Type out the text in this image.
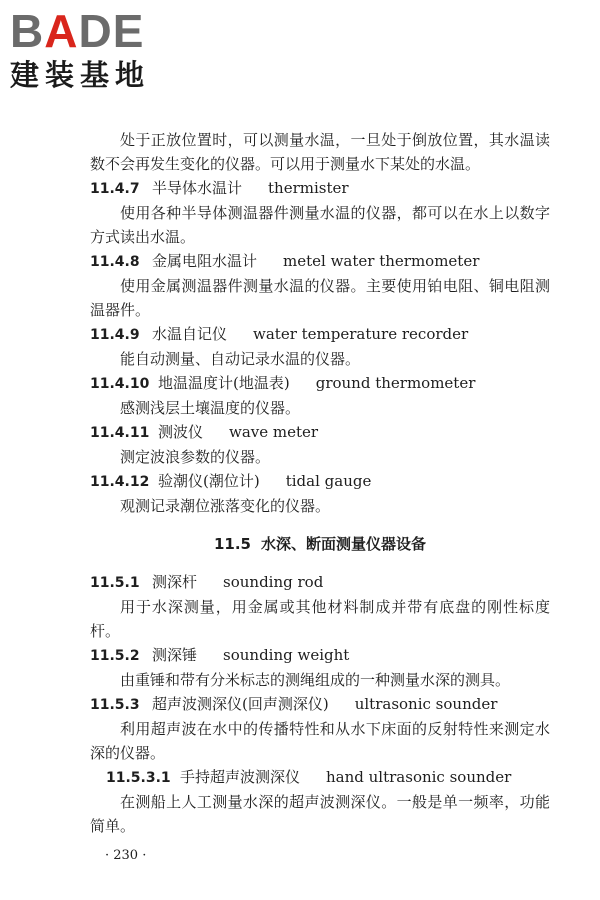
BADE
建装基地
处于正放位置时，可以测量水温，一旦处于倒放位置，其水温读数不会再发生变化的仪器。可以用于测量水下某处的水温。
11.4.7 半导体水温计 thermister
使用各种半导体测温器件测量水温的仪器，都可以在水上以数字方式读出水温。
11.4.8 金属电阻水温计 metel water thermometer
使用金属测温器件测量水温的仪器。主要使用铂电阻、铜电阻测温器件。
11.4.9 水温自记仪 water temperature recorder
能自动测量、自动记录水温的仪器。
11.4.10 地温温度计(地温表) ground thermometer
感测浅层土壤温度的仪器。
11.4.11 测波仪 wave meter
测定波浪参数的仪器。
11.4.12 验潮仪(潮位计) tidal gauge
观测记录潮位涨落变化的仪器。
11.5 水深、断面测量仪器设备
11.5.1 测深杆 sounding rod
用于水深测量，用金属或其他材料制成并带有底盘的刚性标度杆。
11.5.2 测深锤 sounding weight
由重锤和带有分米标志的测绳组成的一种测量水深的测具。
11.5.3 超声波测深仪(回声测深仪) ultrasonic sounder
利用超声波在水中的传播特性和从水下床面的反射特性来测定水深的仪器。
11.5.3.1 手持超声波测深仪 hand ultrasonic sounder
在测船上人工测量水深的超声波测深仪。一般是单一频率，功能简单。
· 230 ·
